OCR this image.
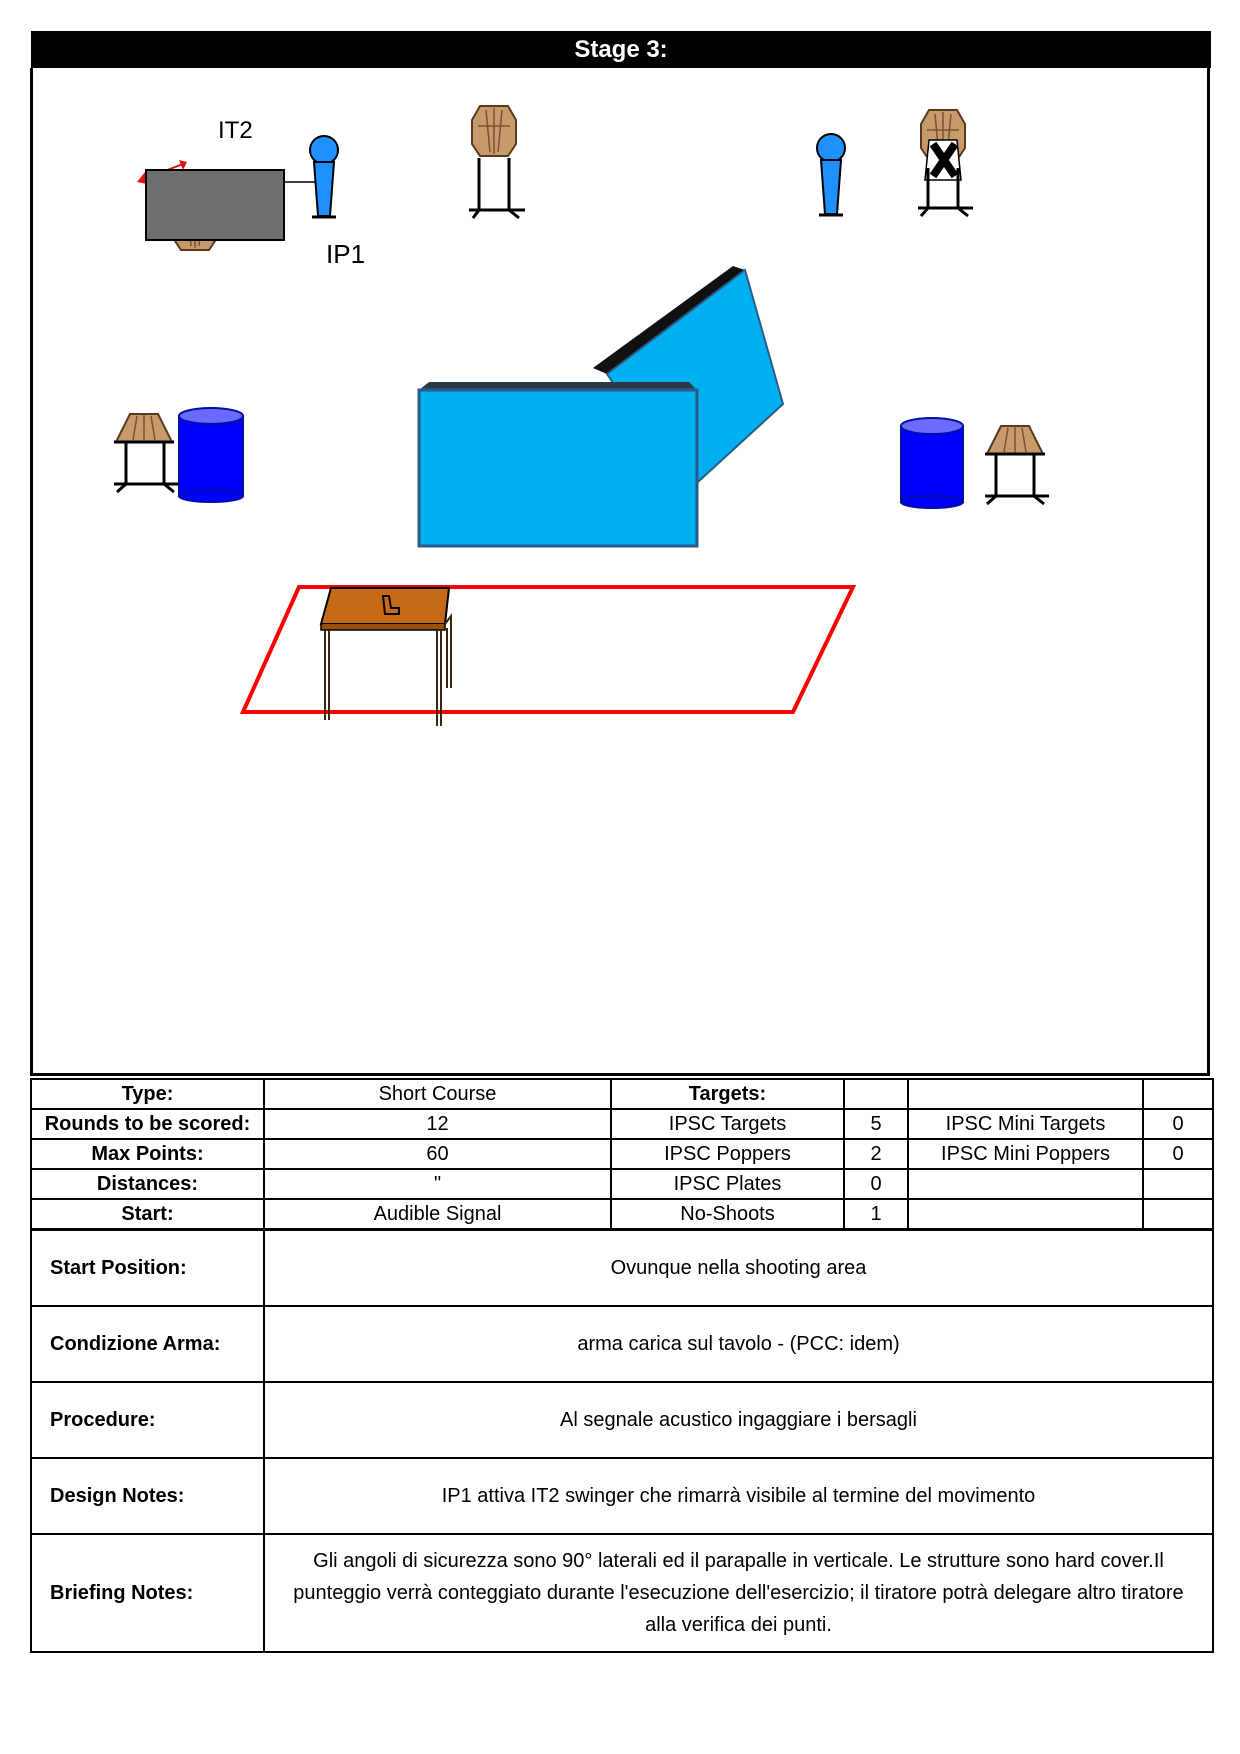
Stage 3:
IT2
IP1
Type:	Short Course	Targets:			
Rounds to be scored:	12	IPSC Targets	5	IPSC Mini Targets	0
Max Points:	60	IPSC Poppers	2	IPSC Mini Poppers	0
Distances:	"	IPSC Plates	0		
Start:	Audible Signal	No-Shoots	1		
Start Position:	Ovunque nella shooting area
Condizione Arma:	arma carica sul tavolo - (PCC: idem)
Procedure:	Al segnale acustico ingaggiare i bersagli
Design Notes:	IP1 attiva IT2 swinger che rimarrà visibile al termine del movimento
Briefing Notes:	Gli angoli di sicurezza sono 90° laterali ed il parapalle in verticale. Le strutture sono hard cover.Il punteggio verrà conteggiato durante l'esecuzione dell'esercizio; il tiratore potrà delegare altro tiratore alla verifica dei punti.
